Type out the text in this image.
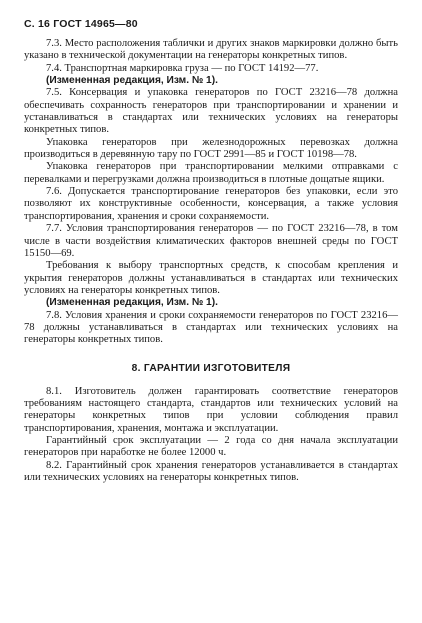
С. 16 ГОСТ 14965—80

7.3. Место расположения таблички и других знаков маркировки должно быть указано в технической документации на генераторы конкретных типов.

7.4. Транспортная маркировка груза — по ГОСТ 14192—77.

(Измененная редакция, Изм. № 1).

7.5. Консервация и упаковка генераторов по ГОСТ 23216—78 должна обеспечивать сохранность генераторов при транспортировании и хранении и устанавливаться в стандартах или технических условиях на генераторы конкретных типов.

Упаковка генераторов при железнодорожных перевозках должна производиться в деревянную тару по ГОСТ 2991—85 и ГОСТ 10198—78.

Упаковка генераторов при транспортировании мелкими отправками с перевалками и перегрузками должна производиться в плотные дощатые ящики.

7.6. Допускается транспортирование генераторов без упаковки, если это позволяют их конструктивные особенности, консервация, а также условия транспортирования, хранения и сроки сохраняемости.

7.7. Условия транспортирования генераторов — по ГОСТ 23216—78, в том числе в части воздействия климатических факторов внешней среды по ГОСТ 15150—69.

Требования к выбору транспортных средств, к способам крепления и укрытия генераторов должны устанавливаться в стандартах или технических условиях на генераторы конкретных типов.

(Измененная редакция, Изм. № 1).

7.8. Условия хранения и сроки сохраняемости генераторов по ГОСТ 23216—78 должны устанавливаться в стандартах или технических условиях на генераторы конкретных типов.

8. ГАРАНТИИ ИЗГОТОВИТЕЛЯ

8.1. Изготовитель должен гарантировать соответствие генераторов требованиям настоящего стандарта, стандартов или технических условий на генераторы конкретных типов при условии соблюдения правил транспортирования, хранения, монтажа и эксплуатации.

Гарантийный срок эксплуатации — 2 года со дня начала эксплуатации генераторов при наработке не более 12000 ч.

8.2. Гарантийный срок хранения генераторов устанавливается в стандартах или технических условиях на генераторы конкретных типов.
